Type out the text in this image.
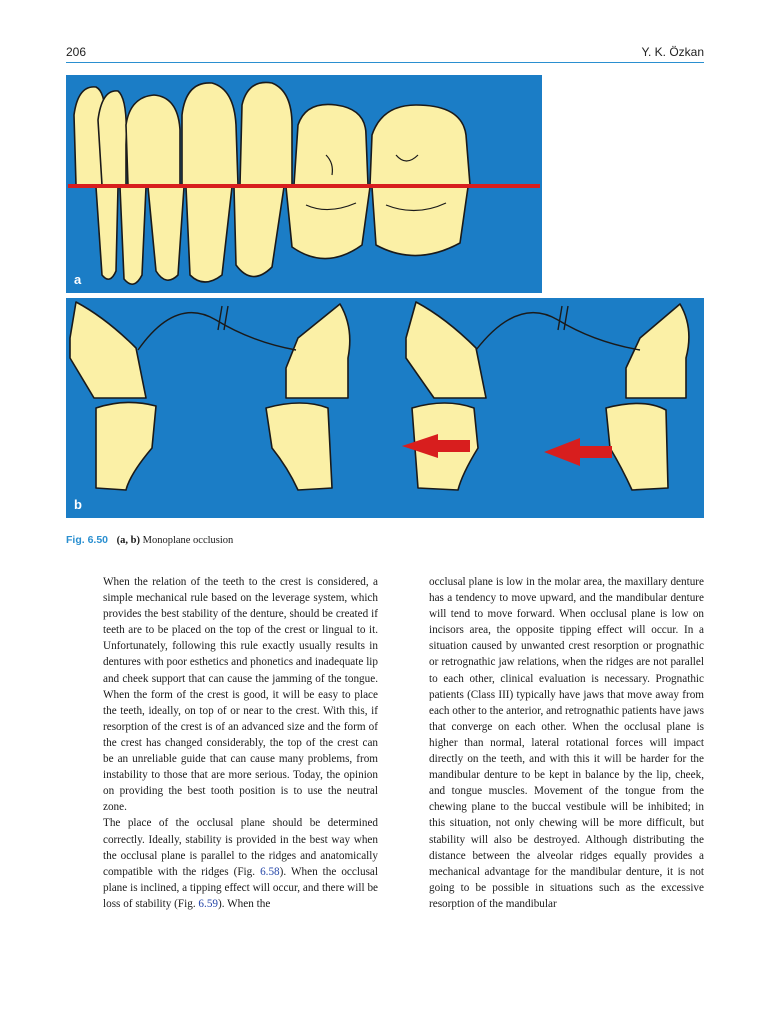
206	Y. K. Özkan
a
b
Fig. 6.50 (a, b) Monoplane occlusion

When the relation of the teeth to the crest is considered, a simple mechanical rule based on the leverage system, which provides the best stability of the denture, should be created if teeth are to be placed on the top of the crest or lingual to it. Unfortunately, following this rule exactly usually results in dentures with poor esthetics and phonetics and inadequate lip and cheek support that can cause the jamming of the tongue. When the form of the crest is good, it will be easy to place the teeth, ideally, on top of or near to the crest. With this, if resorption of the crest is of an advanced size and the form of the crest has changed considerably, the top of the crest can be an unreliable guide that can cause many problems, from instability to those that are more serious. Today, the opinion on providing the best tooth position is to use the neutral zone.

The place of the occlusal plane should be determined correctly. Ideally, stability is provided in the best way when the occlusal plane is parallel to the ridges and anatomically compatible with the ridges (Fig. 6.58). When the occlusal plane is inclined, a tipping effect will occur, and there will be loss of stability (Fig. 6.59). When the

occlusal plane is low in the molar area, the maxillary denture has a tendency to move upward, and the mandibular denture will tend to move forward. When occlusal plane is low on incisors area, the opposite tipping effect will occur. In a situation caused by unwanted crest resorption or prognathic or retrognathic jaw relations, when the ridges are not parallel to each other, clinical evaluation is necessary. Prognathic patients (Class III) typically have jaws that move away from each other to the anterior, and retrognathic patients have jaws that converge on each other. When the occlusal plane is higher than normal, lateral rotational forces will impact directly on the teeth, and with this it will be harder for the mandibular denture to be kept in balance by the lip, cheek, and tongue muscles. Movement of the tongue from the chewing plane to the buccal vestibule will be inhibited; in this situation, not only chewing will be more difficult, but stability will also be destroyed. Although distributing the distance between the alveolar ridges equally provides a mechanical advantage for the mandibular denture, it is not going to be possible in situations such as the excessive resorption of the mandibular
